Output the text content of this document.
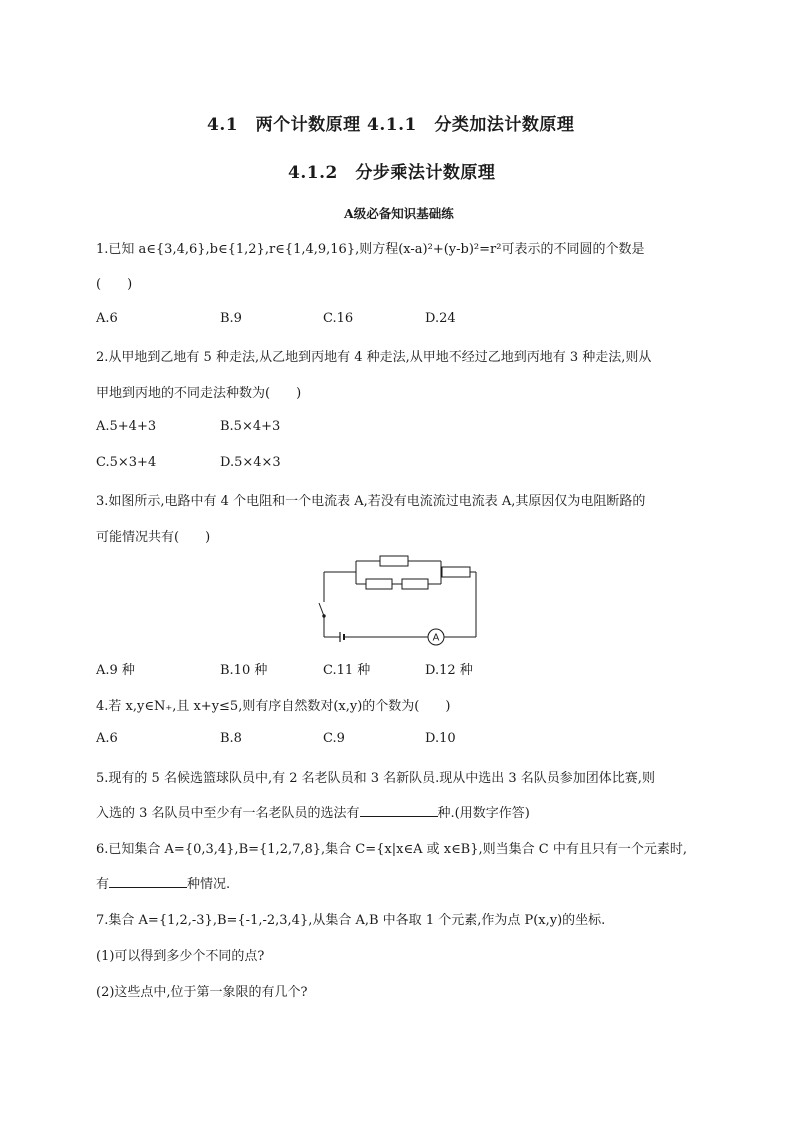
4.1　两个计数原理 4.1.1　分类加法计数原理
4.1.2　分步乘法计数原理
A级必备知识基础练
1.已知 a∈{3,4,6},b∈{1,2},r∈{1,4,9,16},则方程(x-a)²+(y-b)²=r²可表示的不同圆的个数是
(　　)
A.6	B.9	C.16	D.24
2.从甲地到乙地有 5 种走法,从乙地到丙地有 4 种走法,从甲地不经过乙地到丙地有 3 种走法,则从
甲地到丙地的不同走法种数为(　　)
A.5+4+3	B.5×4+3
C.5×3+4	D.5×4×3
3.如图所示,电路中有 4 个电阻和一个电流表 A,若没有电流流过电流表 A,其原因仅为电阻断路的
可能情况共有(　　)
A
A.9 种	B.10 种	C.11 种	D.12 种
4.若 x,y∈N₊,且 x+y≤5,则有序自然数对(x,y)的个数为(　　)
A.6	B.8	C.9	D.10
5.现有的 5 名候选篮球队员中,有 2 名老队员和 3 名新队员.现从中选出 3 名队员参加团体比赛,则
入选的 3 名队员中至少有一名老队员的选法有	种.(用数字作答)
6.已知集合 A={0,3,4},B={1,2,7,8},集合 C={x|x∈A 或 x∈B},则当集合 C 中有且只有一个元素时,
有	种情况.
7.集合 A={1,2,-3},B={-1,-2,3,4},从集合 A,B 中各取 1 个元素,作为点 P(x,y)的坐标.
(1)可以得到多少个不同的点?
(2)这些点中,位于第一象限的有几个?
